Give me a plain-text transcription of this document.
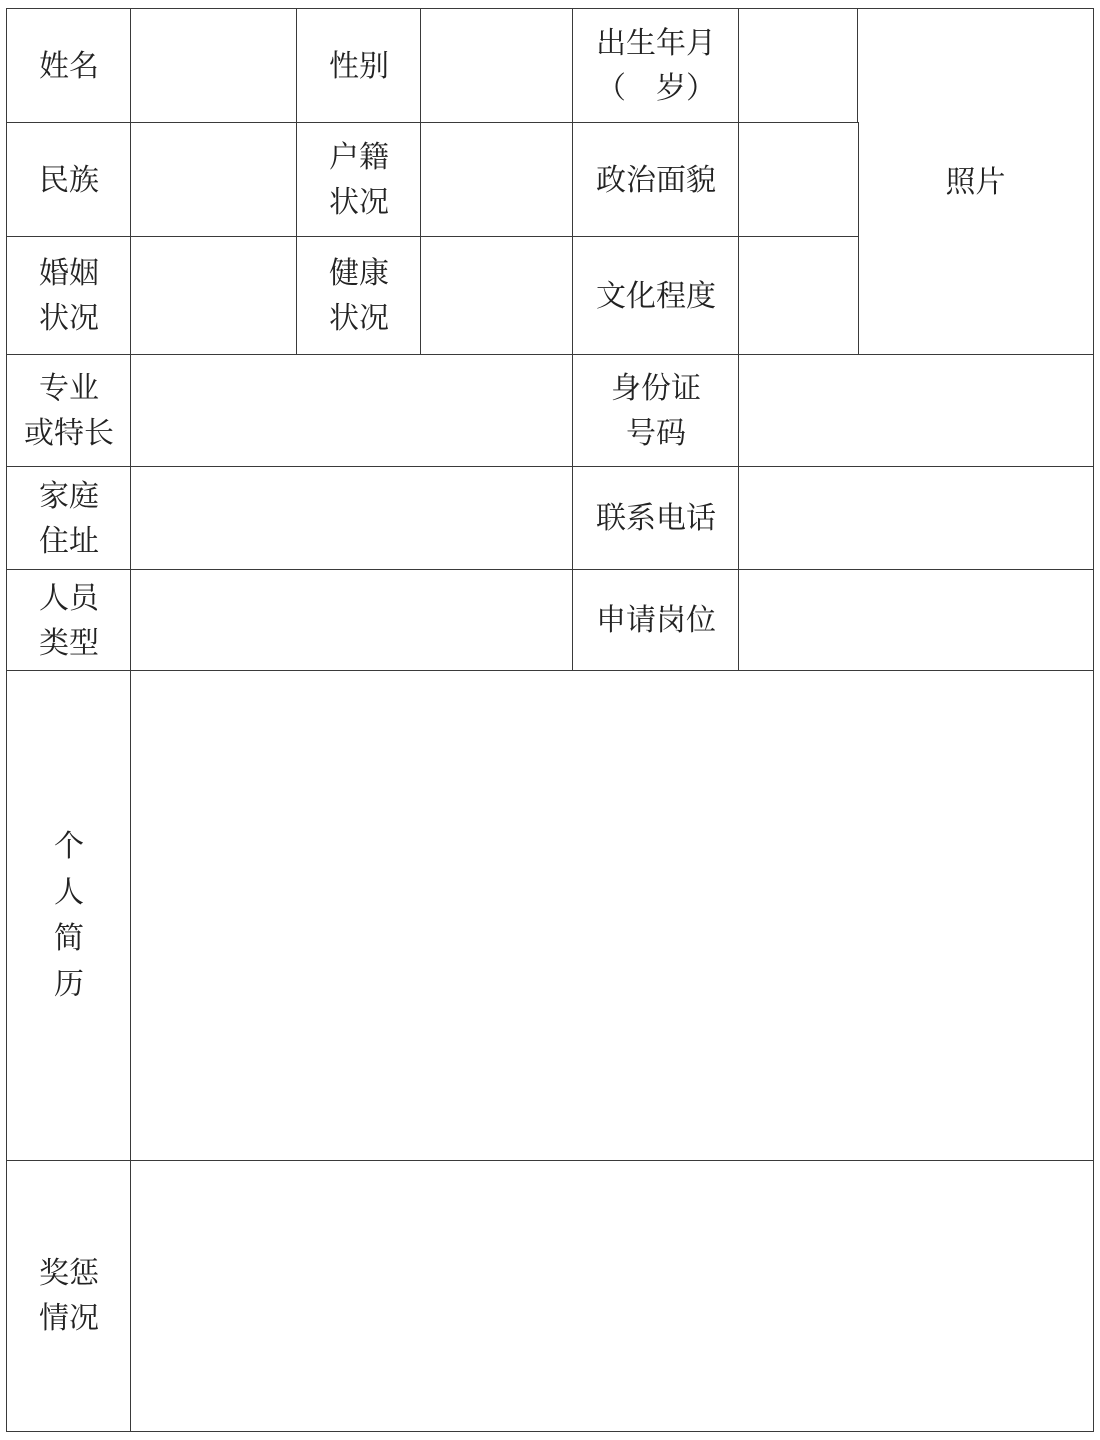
姓名	性别
出生年月
（　岁）
照片
民族
户籍
状况
政治面貌
婚姻
状况
健康
状况
文化程度
专业
或特长
身份证
号码
家庭
住址
联系电话
人员
类型
申请岗位
个
人
简
历
奖惩
情况
